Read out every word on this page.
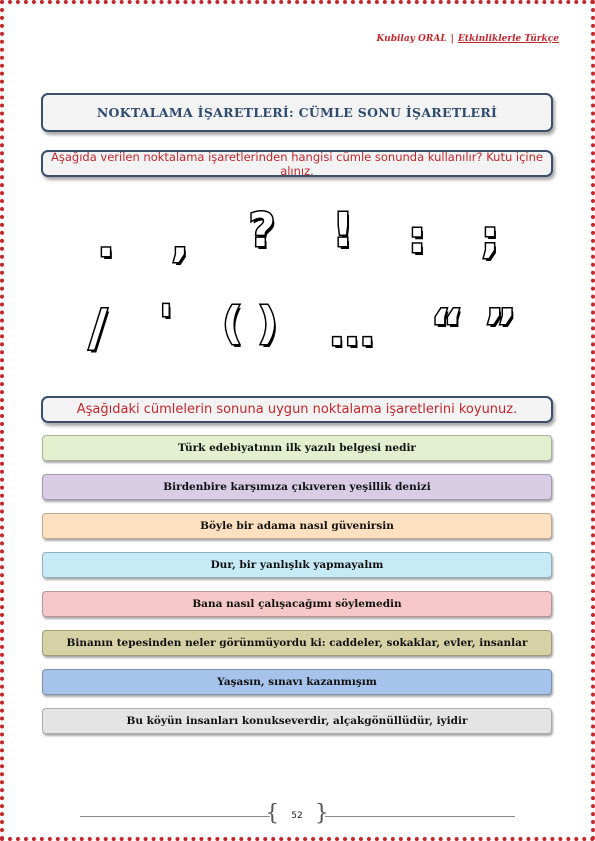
Kubilay ORAL | Etkinliklerle Türkçe
NOKTALAMA İŞARETLERİ: CÜMLE SONU İŞARETLERİ
Aşağıda verilen noktalama işaretlerinden hangisi cümle sonunda kullanılır? Kutu içine alınız.
. , ? ! : ;
/ ' ( ) ... “ ”
Aşağıdaki cümlelerin sonuna uygun noktalama işaretlerini koyunuz.
Türk edebiyatının ilk yazılı belgesi nedir
Birdenbire karşımıza çıkıveren yeşillik denizi
Böyle bir adama nasıl güvenirsin
Dur, bir yanlışlık yapmayalım
Bana nasıl çalışacağımı söylemedin
Binanın tepesinden neler görünmüyordu ki: caddeler, sokaklar, evler, insanlar
Yaşasın, sınavı kazanmışım
Bu köyün insanları konukseverdir, alçakgönüllüdür, iyidir
{ 52 }
